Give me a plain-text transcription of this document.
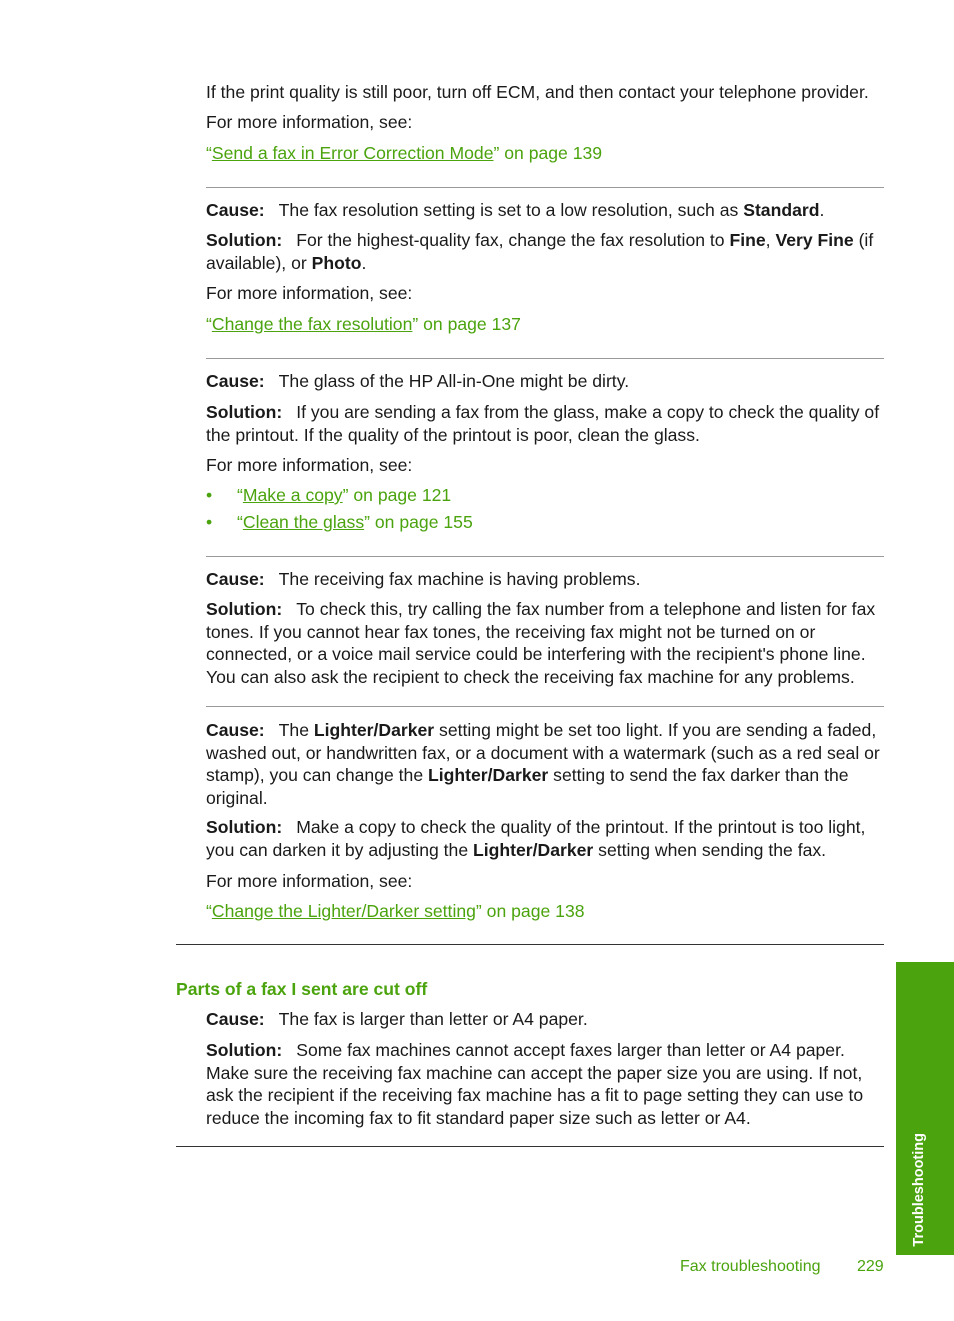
If the print quality is still poor, turn off ECM, and then contact your telephone provider.

For more information, see:

“Send a fax in Error Correction Mode” on page 139

Cause: The fax resolution setting is set to a low resolution, such as Standard.

Solution: For the highest-quality fax, change the fax resolution to Fine, Very Fine (if available), or Photo.

For more information, see:

“Change the fax resolution” on page 137

Cause: The glass of the HP All-in-One might be dirty.

Solution: If you are sending a fax from the glass, make a copy to check the quality of the printout. If the quality of the printout is poor, clean the glass.

For more information, see:

• “Make a copy” on page 121
• “Clean the glass” on page 155

Cause: The receiving fax machine is having problems.

Solution: To check this, try calling the fax number from a telephone and listen for fax tones. If you cannot hear fax tones, the receiving fax might not be turned on or connected, or a voice mail service could be interfering with the recipient's phone line. You can also ask the recipient to check the receiving fax machine for any problems.

Cause: The Lighter/Darker setting might be set too light. If you are sending a faded, washed out, or handwritten fax, or a document with a watermark (such as a red seal or stamp), you can change the Lighter/Darker setting to send the fax darker than the original.

Solution: Make a copy to check the quality of the printout. If the printout is too light, you can darken it by adjusting the Lighter/Darker setting when sending the fax.

For more information, see:

“Change the Lighter/Darker setting” on page 138

Parts of a fax I sent are cut off

Cause: The fax is larger than letter or A4 paper.

Solution: Some fax machines cannot accept faxes larger than letter or A4 paper. Make sure the receiving fax machine can accept the paper size you are using. If not, ask the recipient if the receiving fax machine has a fit to page setting they can use to reduce the incoming fax to fit standard paper size such as letter or A4.

Troubleshooting
Fax troubleshooting 229
